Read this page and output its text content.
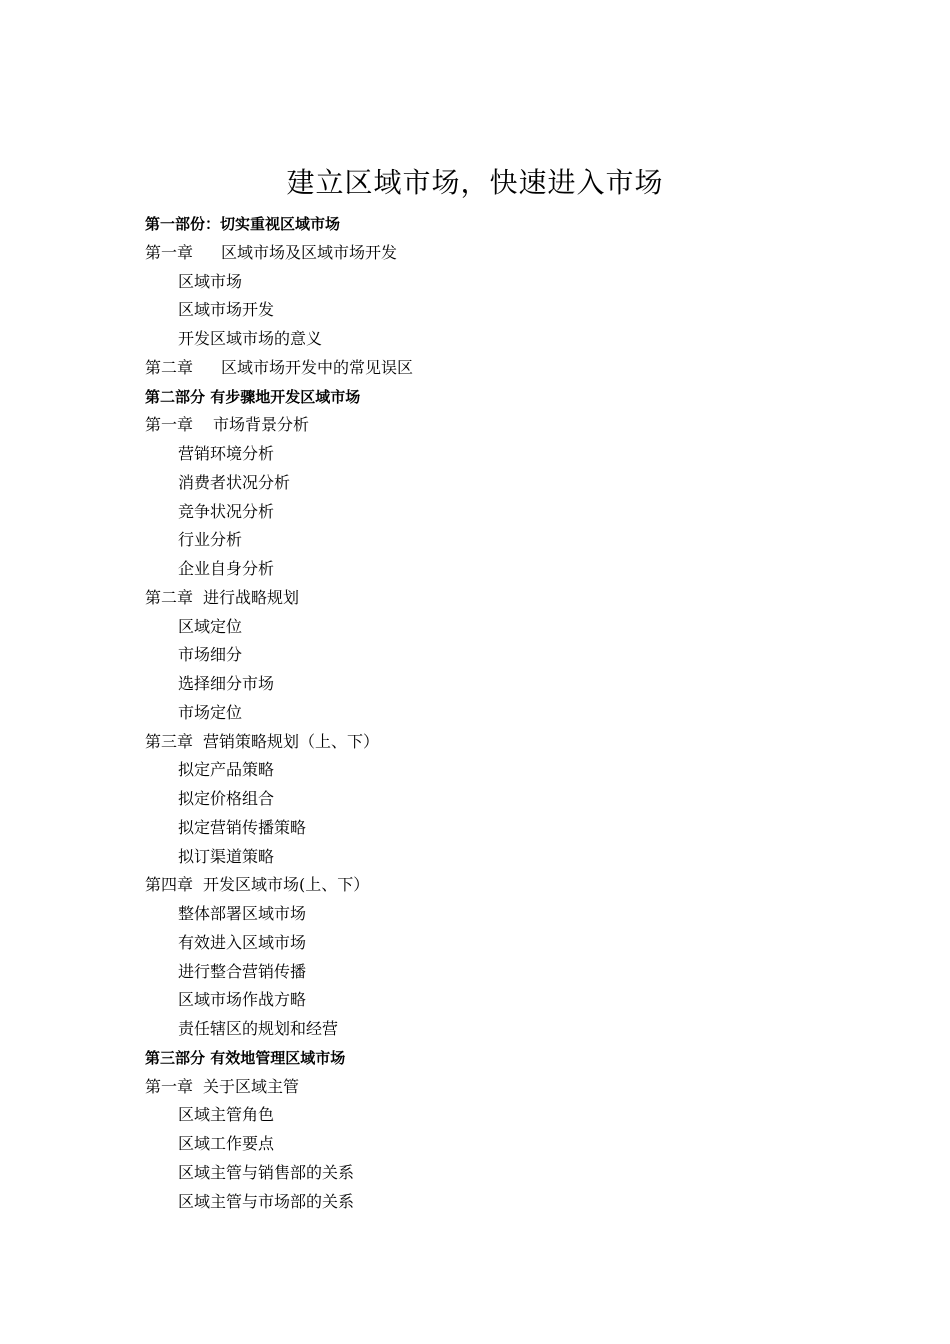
建立区域市场，快速进入市场
第一部份：切实重视区域市场
第一章 区域市场及区域市场开发
区域市场
区域市场开发
开发区域市场的意义
第二章 区域市场开发中的常见误区
第二部分 有步骤地开发区域市场
第一章 市场背景分析
营销环境分析
消费者状况分析
竞争状况分析
行业分析
企业自身分析
第二章 进行战略规划
区域定位
市场细分
选择细分市场
市场定位
第三章 营销策略规划（上、下）
拟定产品策略
拟定价格组合
拟定营销传播策略
拟订渠道策略
第四章 开发区域市场(上、下）
整体部署区域市场
有效进入区域市场
进行整合营销传播
区域市场作战方略
责任辖区的规划和经营
第三部分 有效地管理区域市场
第一章 关于区域主管
区域主管角色
区域工作要点
区域主管与销售部的关系
区域主管与市场部的关系
